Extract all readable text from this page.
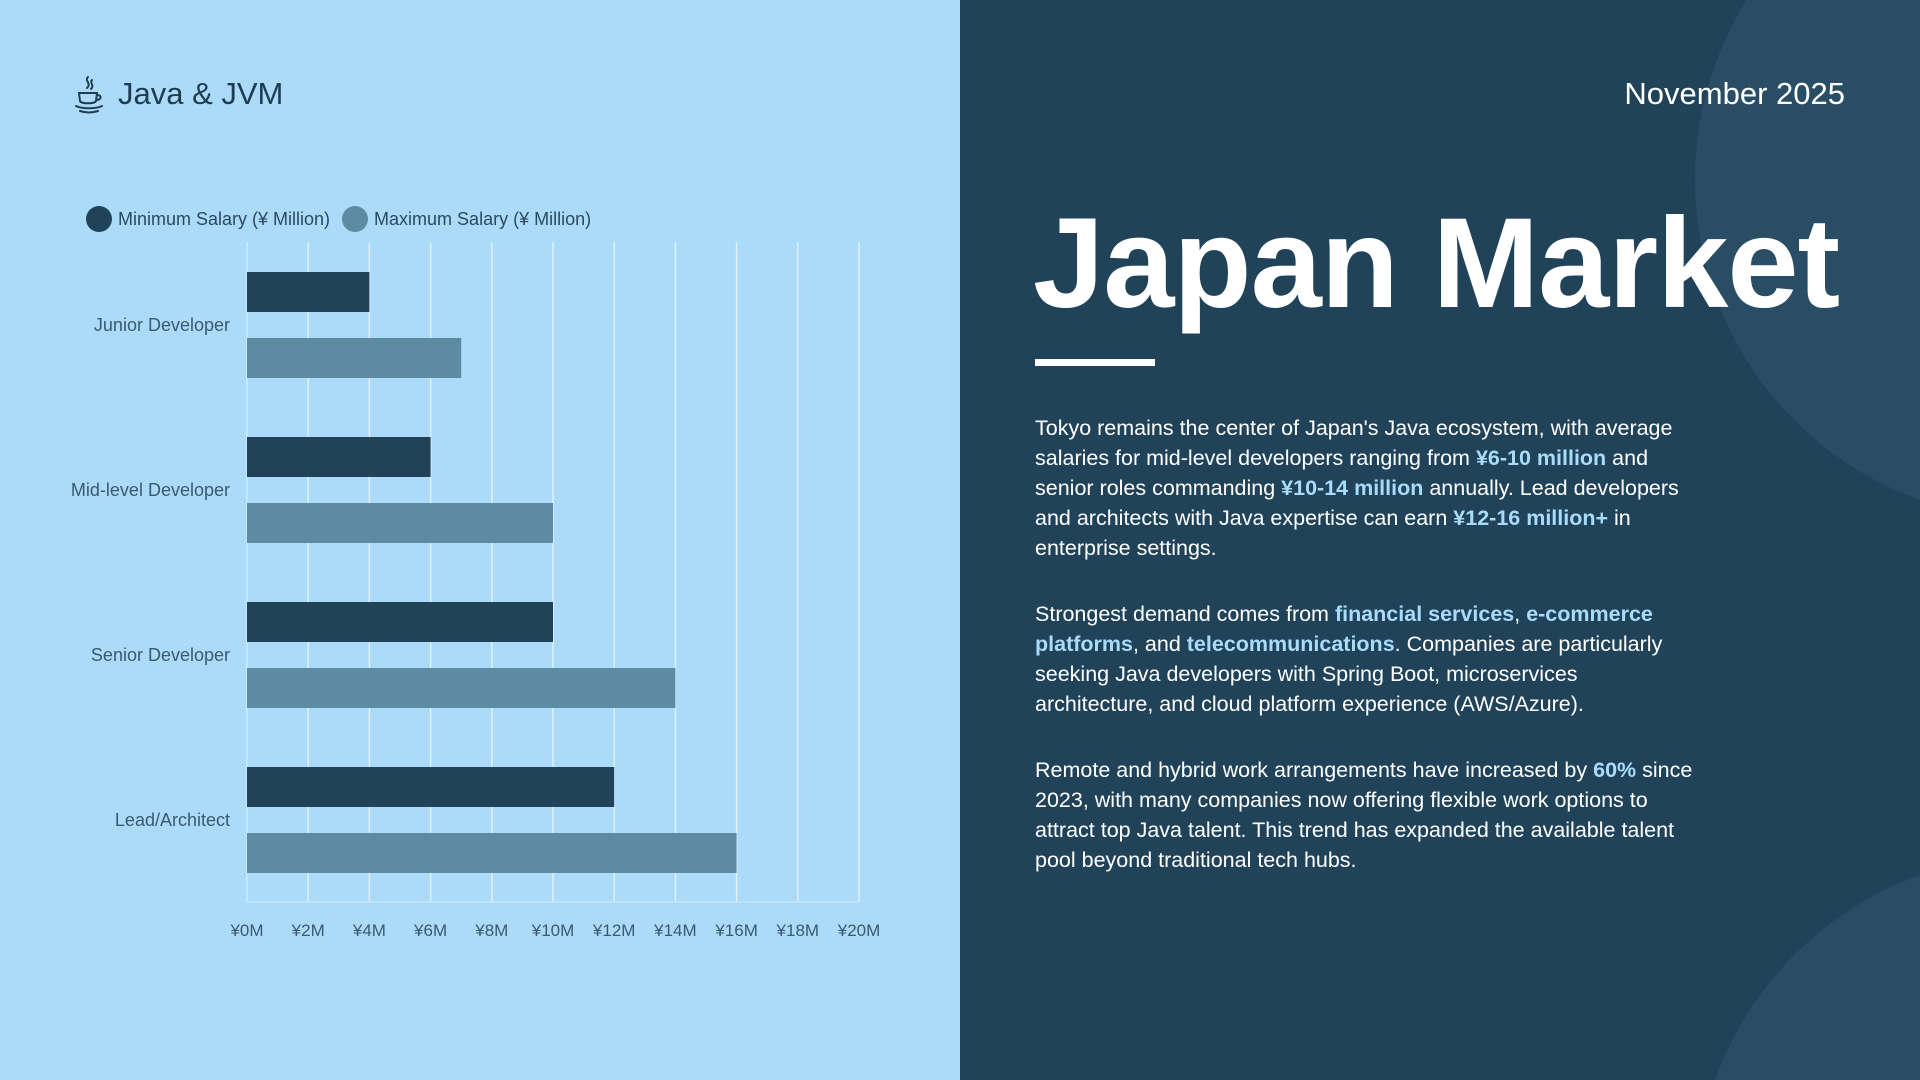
Java & JVM	November 2025
Japan Market

Tokyo remains the center of Japan's Java ecosystem, with average salaries for mid-level developers ranging from ¥6-10 million and senior roles commanding ¥10-14 million annually. Lead developers and architects with Java expertise can earn ¥12-16 million+ in enterprise settings.

Strongest demand comes from financial services, e-commerce platforms, and telecommunications. Companies are particularly seeking Java developers with Spring Boot, microservices architecture, and cloud platform experience (AWS/Azure).

Remote and hybrid work arrangements have increased by 60% since 2023, with many companies now offering flexible work options to attract top Java talent. This trend has expanded the available talent pool beyond traditional tech hubs.

Minimum Salary (¥ Million) Maximum Salary (¥ Million)
¥0M ¥2M ¥4M ¥6M ¥8M ¥10M ¥12M ¥14M ¥16M ¥18M ¥20M
Junior Developer
Mid-level Developer
Senior Developer
Lead/Architect
